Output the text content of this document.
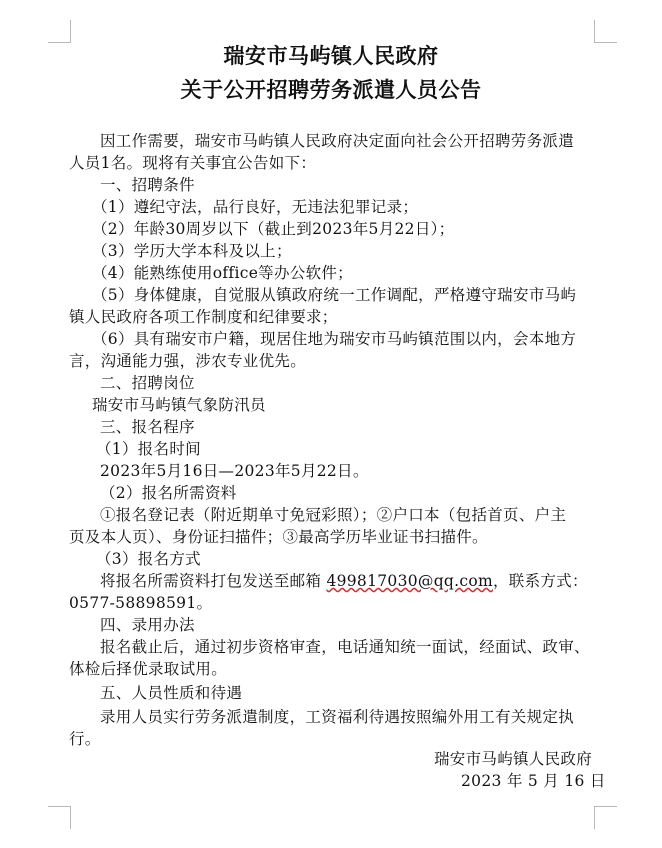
瑞安市马屿镇人民政府
关于公开招聘劳务派遣人员公告
因工作需要，瑞安市马屿镇人民政府决定面向社会公开招聘劳务派遣
人员1名。现将有关事宜公告如下：
一、招聘条件
（1）遵纪守法，品行良好，无违法犯罪记录；
（2）年龄30周岁以下（截止到2023年5月22日）；
（3）学历大学本科及以上；
（4）能熟练使用office等办公软件；
（5）身体健康，自觉服从镇政府统一工作调配，严格遵守瑞安市马屿
镇人民政府各项工作制度和纪律要求；
（6）具有瑞安市户籍，现居住地为瑞安市马屿镇范围以内，会本地方
言，沟通能力强，涉农专业优先。
二、招聘岗位
瑞安市马屿镇气象防汛员
三、报名程序
（1）报名时间
2023年5月16日—2023年5月22日。
（2）报名所需资料
①报名登记表（附近期单寸免冠彩照）；②户口本（包括首页、户主
页及本人页）、身份证扫描件；③最高学历毕业证书扫描件。
（3）报名方式
将报名所需资料打包发送至邮箱 499817030@qq.com，联系方式：
0577-58898591。
四、录用办法
报名截止后，通过初步资格审查，电话通知统一面试，经面试、政审、
体检后择优录取试用。
五、人员性质和待遇
录用人员实行劳务派遣制度，工资福利待遇按照编外用工有关规定执
行。
瑞安市马屿镇人民政府
2023 年 5 月 16 日
